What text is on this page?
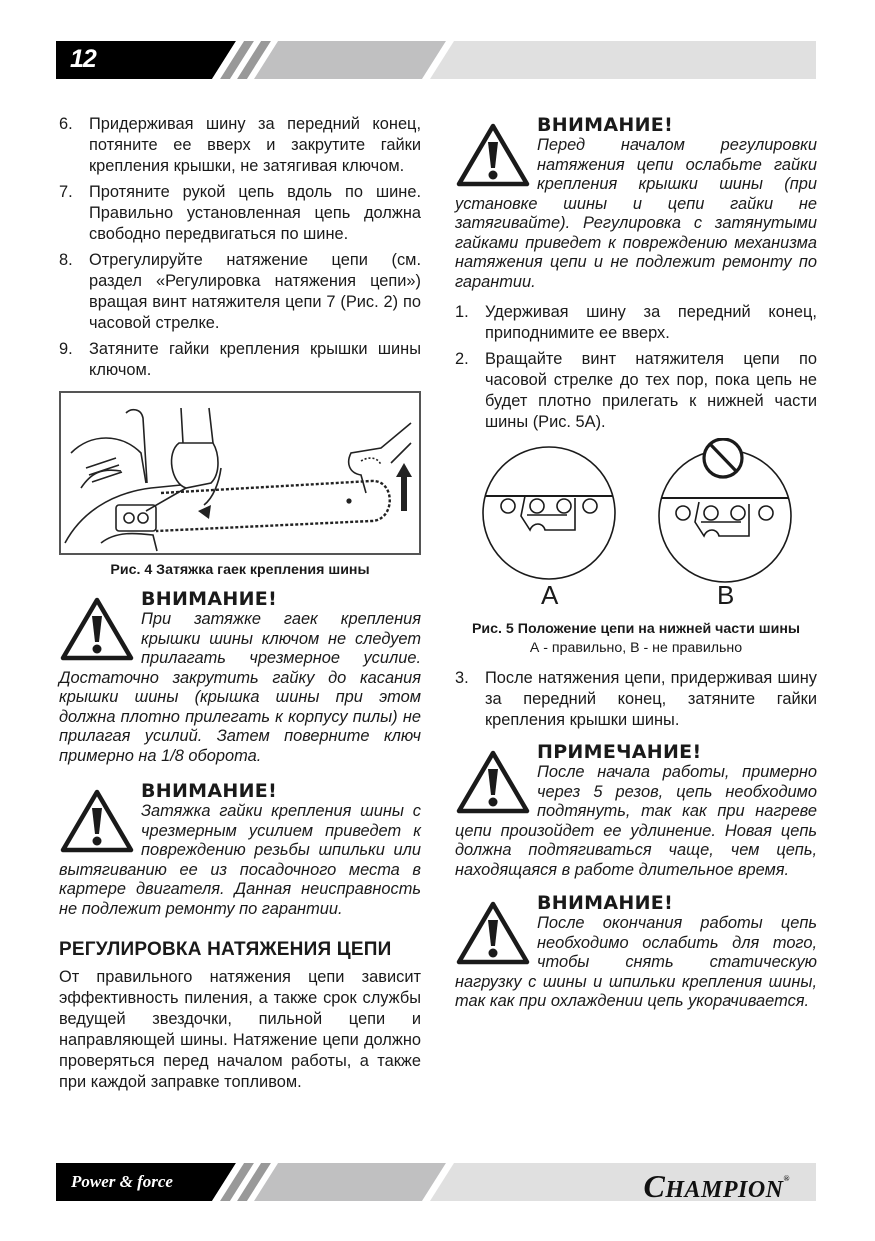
12
6. Придерживая шину за передний конец, потяните ее вверх и закрутите гайки крепления крышки, не затягивая ключом.
7. Протяните рукой цепь вдоль по шине. Правильно установленная цепь должна свободно передвигаться по шине.
8. Отрегулируйте натяжение цепи (см. раздел «Регулировка натяжения цепи») вращая винт натяжителя цепи 7 (Рис. 2) по часовой стрелке.
9. Затяните гайки крепления крышки шины ключом.
Рис. 4 Затяжка гаек крепления шины
ВНИМАНИЕ!

При затяжке гаек крепления крышки шины ключом не следует прилагать чрезмерное усилие. Достаточно закрутить гайку до касания крышки шины (крышка шины при этом должна плотно прилегать к корпусу пилы) не прилагая усилий. Затем поверните ключ примерно на 1/8 оборота.

ВНИМАНИЕ!

Затяжка гайки крепления шины с чрезмерным усилием приведет к повреждению резьбы шпильки или вытягиванию ее из посадочного места в картере двигателя. Данная неисправность не подлежит ремонту по гарантии.

РЕГУЛИРОВКА НАТЯЖЕНИЯ ЦЕПИ

От правильного натяжения цепи зависит эффективность пиления, а также срок службы ведущей звездочки, пильной цепи и направляющей шины. Натяжение цепи должно проверяться перед началом работы, а также при каждой заправке топливом.

ВНИМАНИЕ!

Перед началом регулировки натяжения цепи ослабьте гайки крепления крышки шины (при установке шины и цепи гайки не затягивайте). Регулировка с затянутыми гайками приведет к повреждению механизма натяжения цепи и не подлежит ремонту по гарантии.

1. Удерживая шину за передний конец, приподнимите ее вверх.
2. Вращайте винт натяжителя цепи по часовой стрелке до тех пор, пока цепь не будет плотно прилегать к нижней части шины (Рис. 5А).
A	B
Рис. 5 Положение цепи на нижней части шины
А - правильно, В - не правильно
3. После натяжения цепи, придерживая шину за передний конец, затяните гайки крепления крышки шины.
ПРИМЕЧАНИЕ!

После начала работы, примерно через 5 резов, цепь необходимо подтянуть, так как при нагреве цепи произойдет ее удлинение. Новая цепь должна подтягиваться чаще, чем цепь, находящаяся в работе длительное время.

ВНИМАНИЕ!

После окончания работы цепь необходимо ослабить для того, чтобы снять статическую нагрузку с шины и шпильки крепления шины, так как при охлаждении цепь укорачивается.

Power & force	CHAMPION®
